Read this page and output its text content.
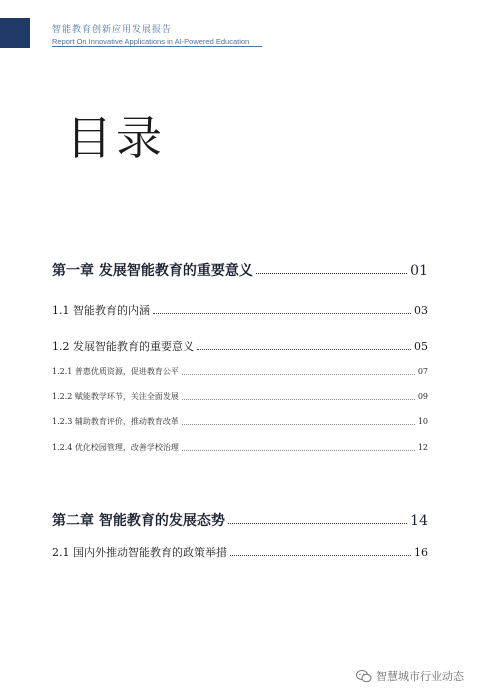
智能教育创新应用发展报告
Report On Innovative Applications in AI-Powered Education
目录
第一章 发展智能教育的重要意义	01
1.1 智能教育的内涵	03
1.2 发展智能教育的重要意义	05
1.2.1 普惠优质资源，促进教育公平	07
1.2.2 赋能教学环节，关注全面发展	09
1.2.3 辅助教育评价，推动教育改革	10
1.2.4 优化校园管理，改善学校治理	12
第二章 智能教育的发展态势	14
2.1 国内外推动智能教育的政策举措	16
智慧城市行业动态
